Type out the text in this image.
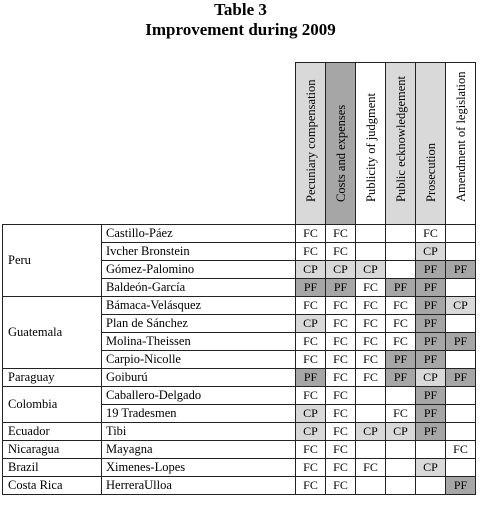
Table 3
Improvement during 2009

		Pecuniary compensation	Costs and expenses	Publicity of judgment	Public ecknowledgement	Prosecution	Amendment of legislation

Peru	Castillo-Páez	FC	FC			FC	
	Ivcher Bronstein	FC	FC			CP	
	Gómez-Palomino	CP	CP	CP		PF	PF
	Baldeón-García	PF	PF	FC	PF	PF	
Guatemala	Bámaca-Velásquez	FC	FC	FC	FC	PF	CP
	Plan de Sánchez	CP	FC	FC	FC	PF	
	Molina-Theissen	FC	FC	FC	FC	PF	PF
	Carpio-Nicolle	FC	FC	FC	PF	PF	
Paraguay	Goiburú	PF	FC	FC	PF	CP	PF
Colombia	Caballero-Delgado	FC	FC			PF	
	19 Tradesmen	CP	FC		FC	PF	
Ecuador	Tibi	CP	FC	CP	CP	PF	
Nicaragua	Mayagna	FC	FC				FC
Brazil	Ximenes-Lopes	FC	FC	FC		CP	
Costa Rica	HerreraUlloa	FC	FC				PF
